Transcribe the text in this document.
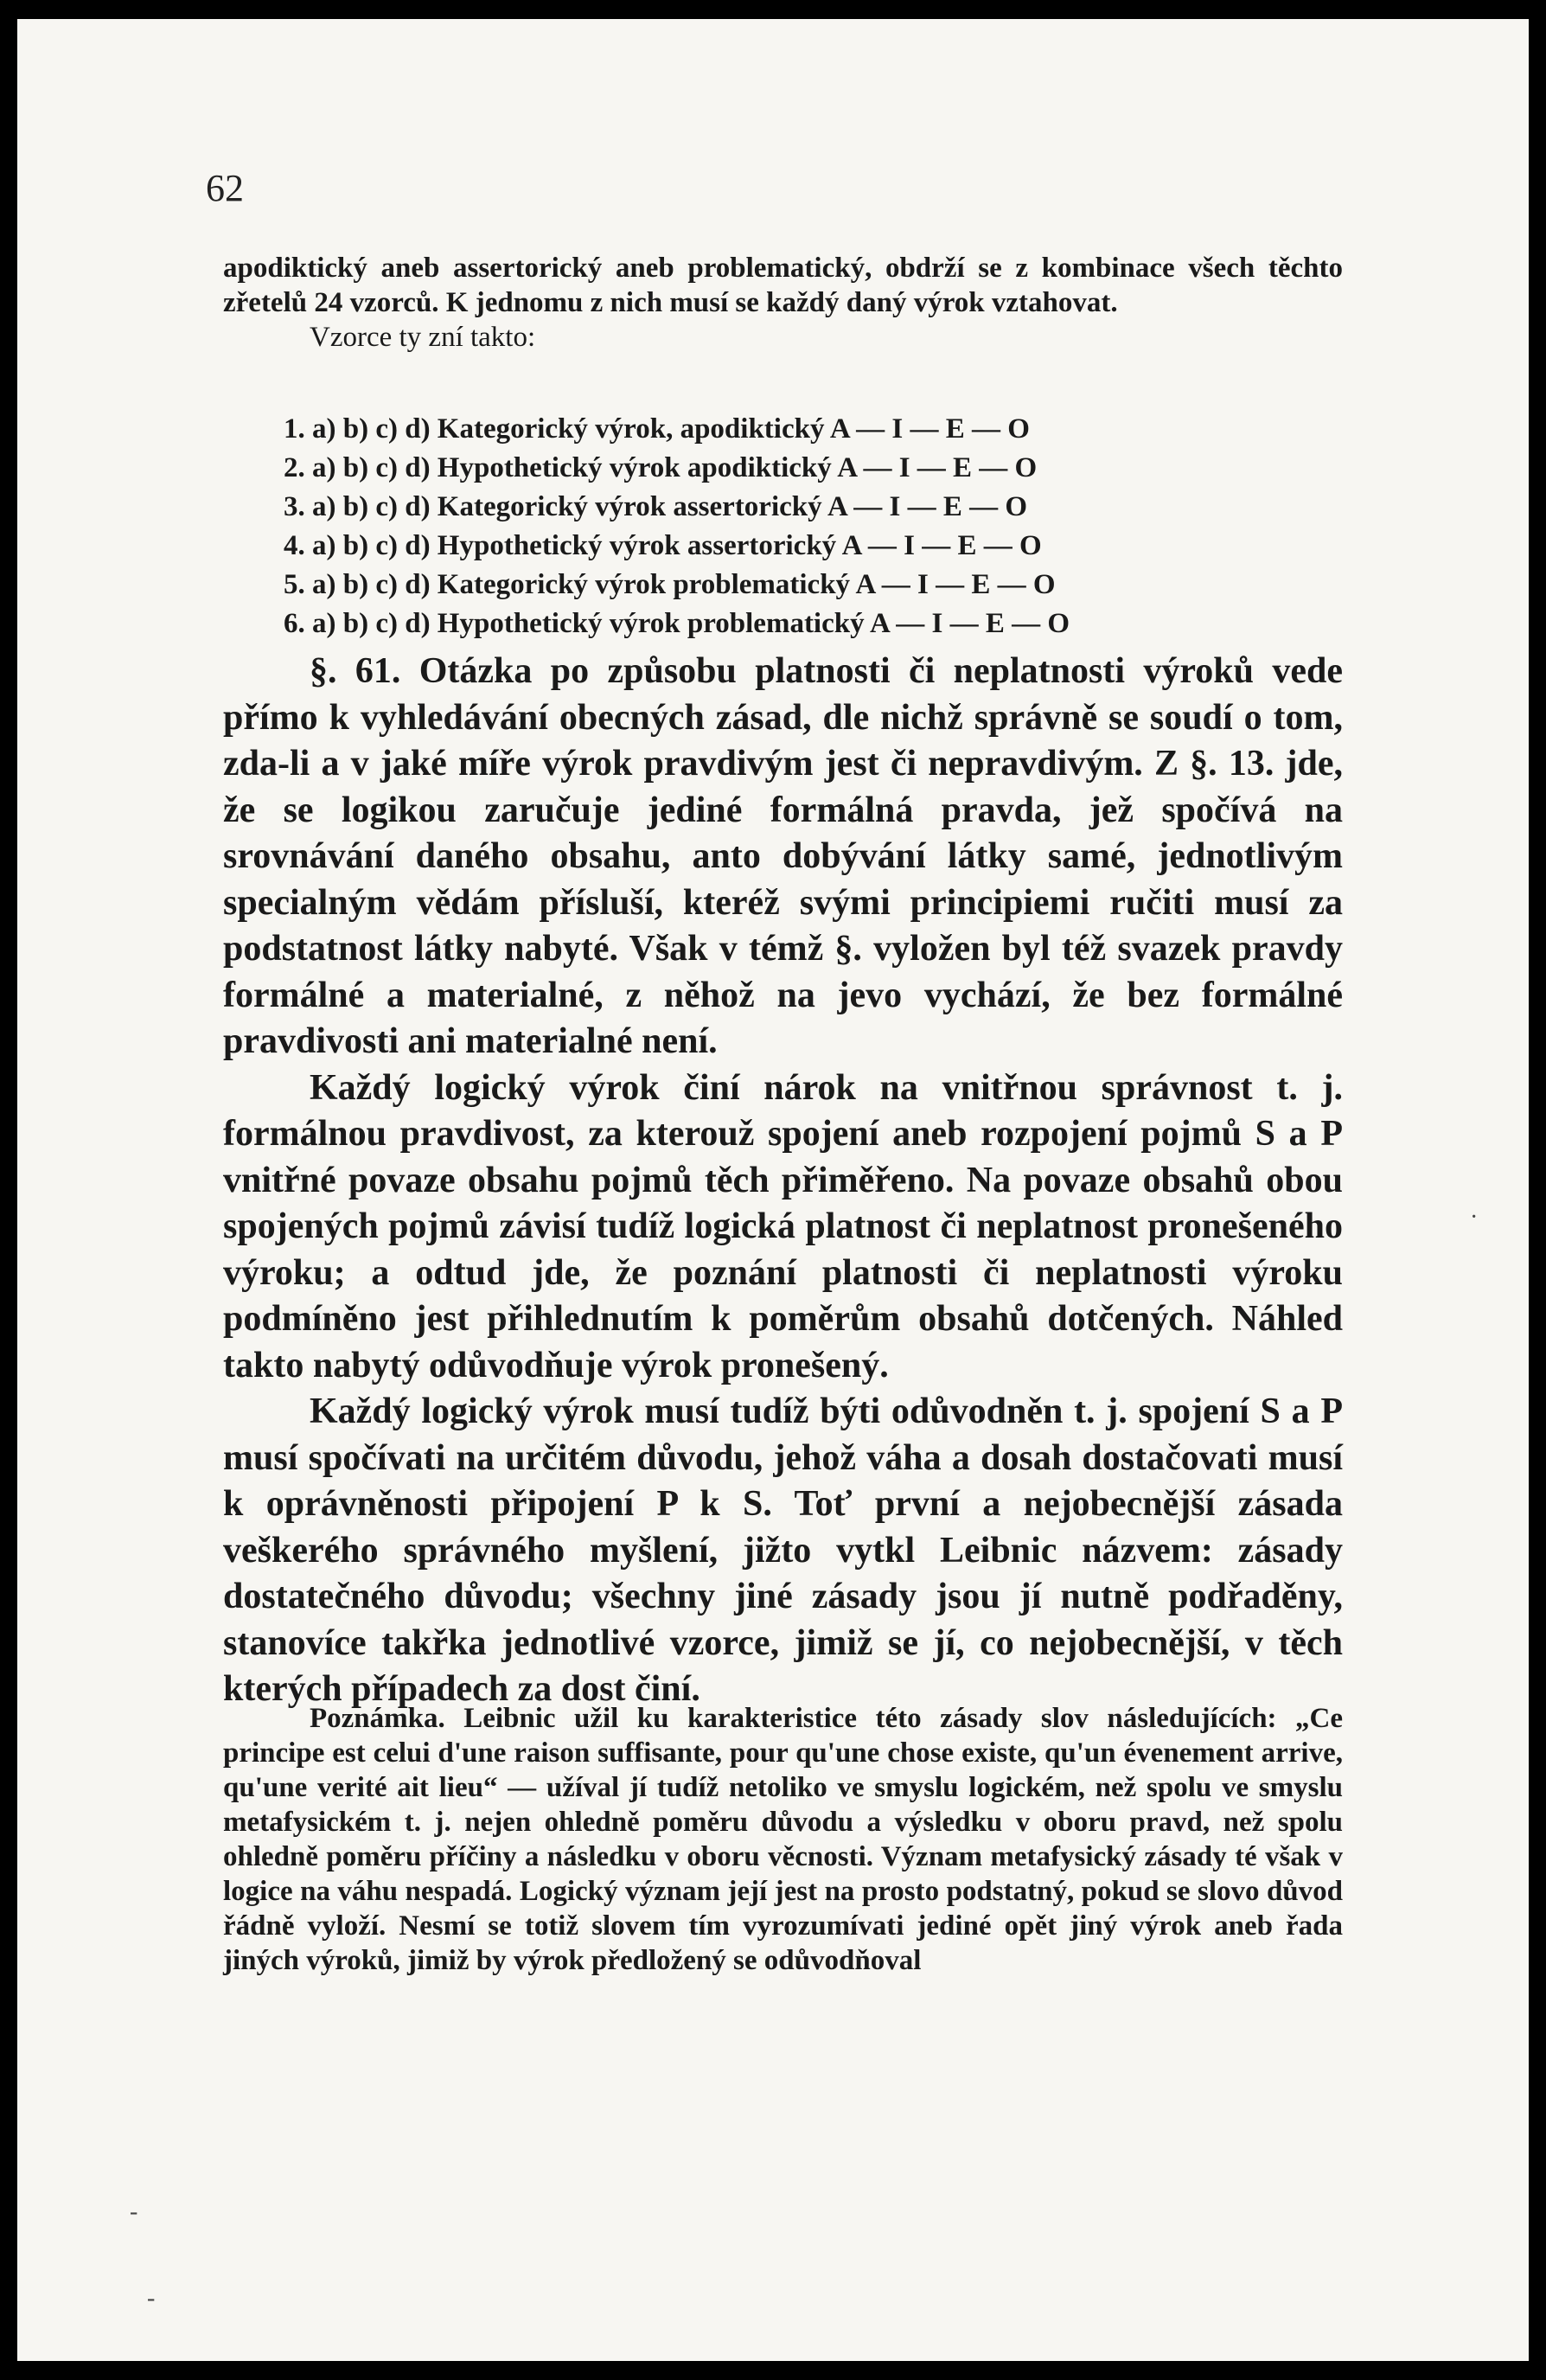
62
apodiktický aneb assertorický aneb problematický, obdrží se z kombinace všech těchto zřetelů 24 vzorců. K jednomu z nich musí se každý daný výrok vztahovat.
Vzorce ty zní takto:
1. a) b) c) d) Kategorický výrok, apodiktický A — I — E — O
2. a) b) c) d) Hypothetický výrok apodiktický A — I — E — O
3. a) b) c) d) Kategorický výrok assertorický A — I — E — O
4. a) b) c) d) Hypothetický výrok assertorický A — I — E — O
5. a) b) c) d) Kategorický výrok problematický A — I — E — O
6. a) b) c) d) Hypothetický výrok problematický A — I — E — O

§. 61. Otázka po způsobu platnosti či neplatnosti výroků vede přímo k vyhledávání obecných zásad, dle nichž správně se soudí o tom, zda-li a v jaké míře výrok pravdivým jest či nepravdivým. Z §. 13. jde, že se logikou zaručuje jediné formálná pravda, jež spočívá na srovnávání daného obsahu, anto dobývání látky samé, jednotlivým specialným vědám přísluší, kteréž svými principiemi ručiti musí za podstatnost látky nabyté. Však v témž §. vyložen byl též svazek pravdy formálné a materialné, z něhož na jevo vychází, že bez formálné pravdivosti ani materialné není.

Každý logický výrok činí nárok na vnitřnou správnost t. j. formálnou pravdivost, za kterouž spojení aneb rozpojení pojmů S a P vnitřné povaze obsahu pojmů těch přiměřeno. Na povaze obsahů obou spojených pojmů závisí tudíž logická platnost či neplatnost pronešeného výroku; a odtud jde, že poznání platnosti či neplatnosti výroku podmíněno jest přihlednutím k poměrům obsahů dotčených. Náhled takto nabytý odůvodňuje výrok pronešený.

Každý logický výrok musí tudíž býti odůvodněn t. j. spojení S a P musí spočívati na určitém důvodu, jehož váha a dosah dostačovati musí k oprávněnosti připojení P k S. Toť první a nejobecnější zásada veškerého správného myšlení, jižto vytkl Leibnic názvem: zásady dostatečného důvodu; všechny jiné zásady jsou jí nutně podřaděny, stanovíce takřka jednotlivé vzorce, jimiž se jí, co nejobecnější, v těch kterých případech za dost činí.

Poznámka. Leibnic užil ku karakteristice této zásady slov následujících: „Ce principe est celui d'une raison suffisante, pour qu'une chose existe, qu'un évenement arrive, qu'une verité ait lieu“ — užíval jí tudíž netoliko ve smyslu logickém, než spolu ve smyslu metafysickém t. j. nejen ohledně poměru důvodu a výsledku v oboru pravd, než spolu ohledně poměru příčiny a následku v oboru věcnosti. Význam metafysický zásady té však v logice na váhu nespadá. Logický význam její jest na prosto podstatný, pokud se slovo důvod řádně vyloží. Nesmí se totiž slovem tím vyrozumívati jediné opět jiný výrok aneb řada jiných výroků, jimiž by výrok předložený se odůvodňoval

·
-
-
